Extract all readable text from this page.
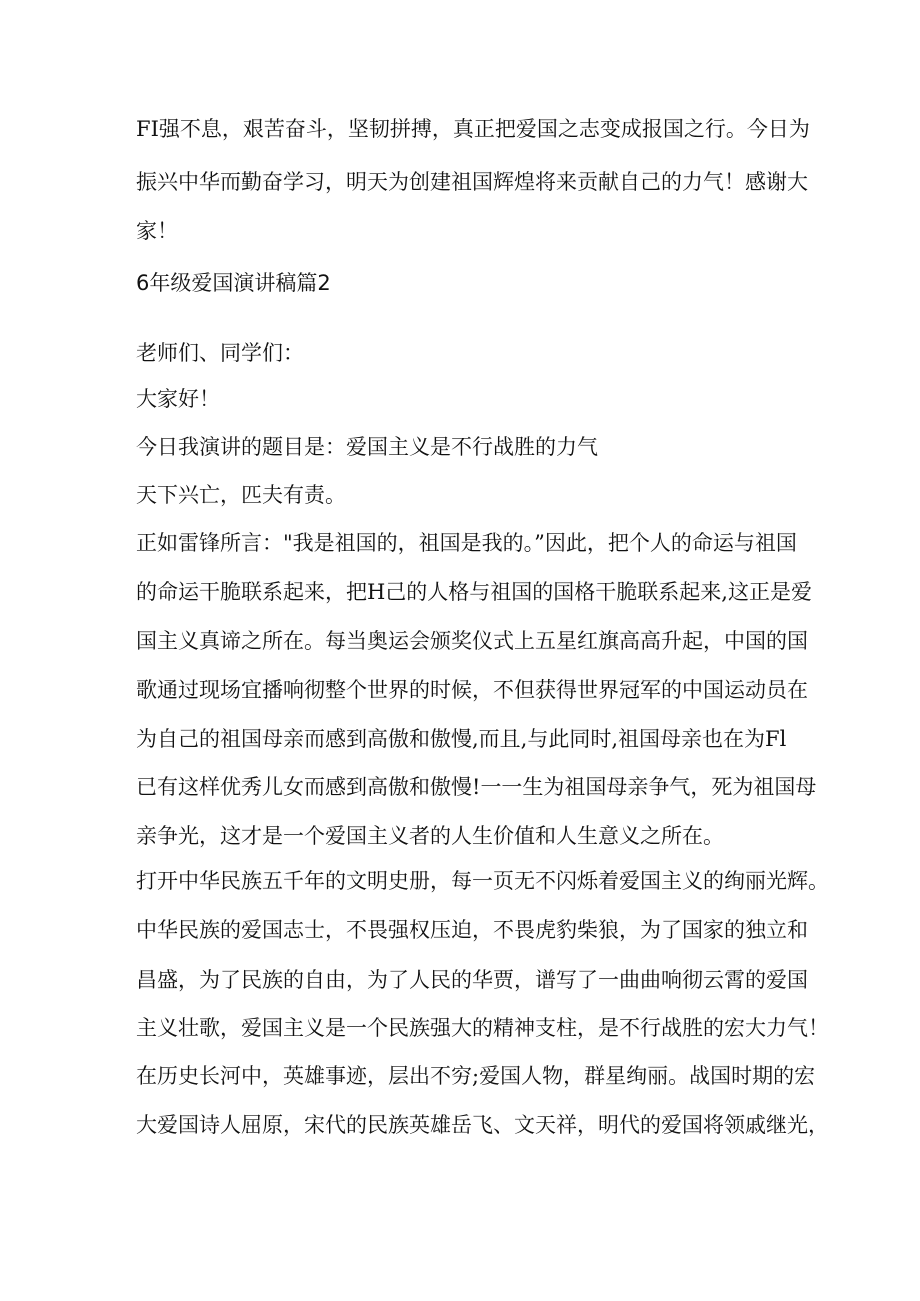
FI强不息，艰苦奋斗，坚韧拼搏，真正把爱国之志变成报国之行。今日为
振兴中华而勤奋学习，明天为创建祖国辉煌将来贡献自己的力气！感谢大
家！
6年级爱国演讲稿篇2
老师们、同学们：
大家好！
今日我演讲的题目是：爱国主义是不行战胜的力气
天下兴亡，匹夫有责。
正如雷锋所言："我是祖国的，祖国是我的。”因此，把个人的命运与祖国
的命运干脆联系起来，把H己的人格与祖国的国格干脆联系起来,这正是爱
国主义真谛之所在。每当奥运会颁奖仪式上五星红旗高高升起，中国的国
歌通过现场宜播响彻整个世界的时候，不但获得世界冠军的中国运动员在
为自己的祖国母亲而感到高傲和傲慢,而且,与此同时,祖国母亲也在为Fl
已有这样优秀儿女而感到高傲和傲慢!一一生为祖国母亲争气，死为祖国母
亲争光，这才是一个爱国主义者的人生价值和人生意义之所在。
打开中华民族五千年的文明史册，每一页无不闪烁着爱国主义的绚丽光辉。
中华民族的爱国志士，不畏强权压迫，不畏虎豹柴狼，为了国家的独立和
昌盛，为了民族的自由，为了人民的华贾，谱写了一曲曲响彻云霄的爱国
主义壮歌，爱国主义是一个民族强大的精神支柱，是不行战胜的宏大力气！
在历史长河中，英雄事迹，层出不穷;爱国人物，群星绚丽。战国时期的宏
大爱国诗人屈原，宋代的民族英雄岳飞、文天祥，明代的爱国将领戚继光，
